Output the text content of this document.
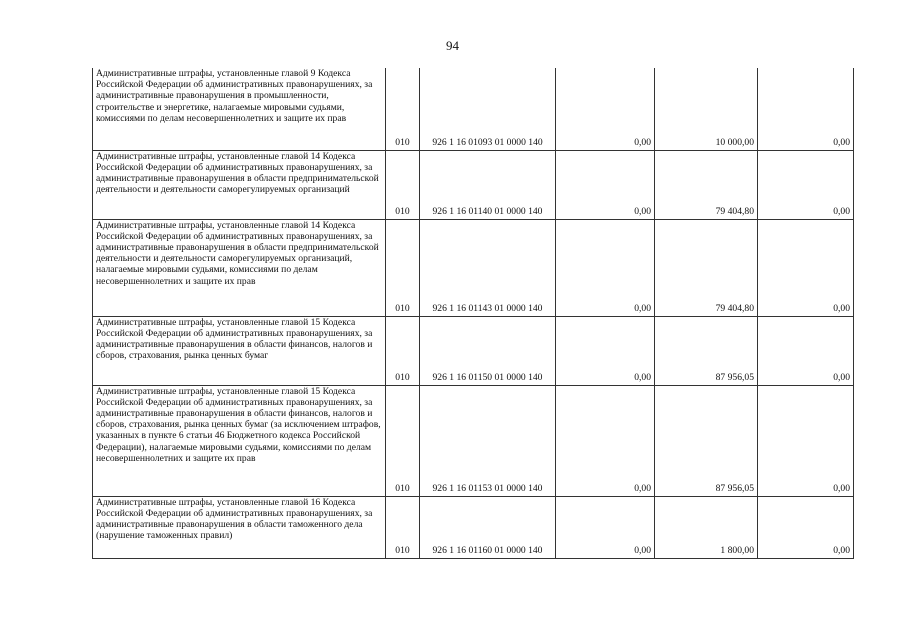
94
Административные штрафы, установленные главой 9 Кодекса Российской Федерации об административных правонарушениях, за административные правонарушения в промышленности, строительстве и энергетике, налагаемые мировыми судьями, комиссиями по делам несовершеннолетних и защите их прав	010	926 1 16 01093 01 0000 140	0,00	10 000,00	0,00
Административные штрафы, установленные главой 14 Кодекса Российской Федерации об административных правонарушениях, за административные правонарушения в области предпринимательской деятельности и деятельности саморегулируемых организаций	010	926 1 16 01140 01 0000 140	0,00	79 404,80	0,00
Административные штрафы, установленные главой 14 Кодекса Российской Федерации об административных правонарушениях, за административные правонарушения в области предпринимательской деятельности и деятельности саморегулируемых организаций, налагаемые мировыми судьями, комиссиями по делам несовершеннолетних и защите их прав	010	926 1 16 01143 01 0000 140	0,00	79 404,80	0,00
Административные штрафы, установленные главой 15 Кодекса Российской Федерации об административных правонарушениях, за административные правонарушения в области финансов, налогов и сборов, страхования, рынка ценных бумаг	010	926 1 16 01150 01 0000 140	0,00	87 956,05	0,00
Административные штрафы, установленные главой 15 Кодекса Российской Федерации об административных правонарушениях, за административные правонарушения в области финансов, налогов и сборов, страхования, рынка ценных бумаг (за исключением штрафов, указанных в пункте 6 статьи 46 Бюджетного кодекса Российской Федерации), налагаемые мировыми судьями, комиссиями по делам несовершеннолетних и защите их прав	010	926 1 16 01153 01 0000 140	0,00	87 956,05	0,00
Административные штрафы, установленные главой 16 Кодекса Российской Федерации об административных правонарушениях, за административные правонарушения в области таможенного дела (нарушение таможенных правил)	010	926 1 16 01160 01 0000 140	0,00	1 800,00	0,00
